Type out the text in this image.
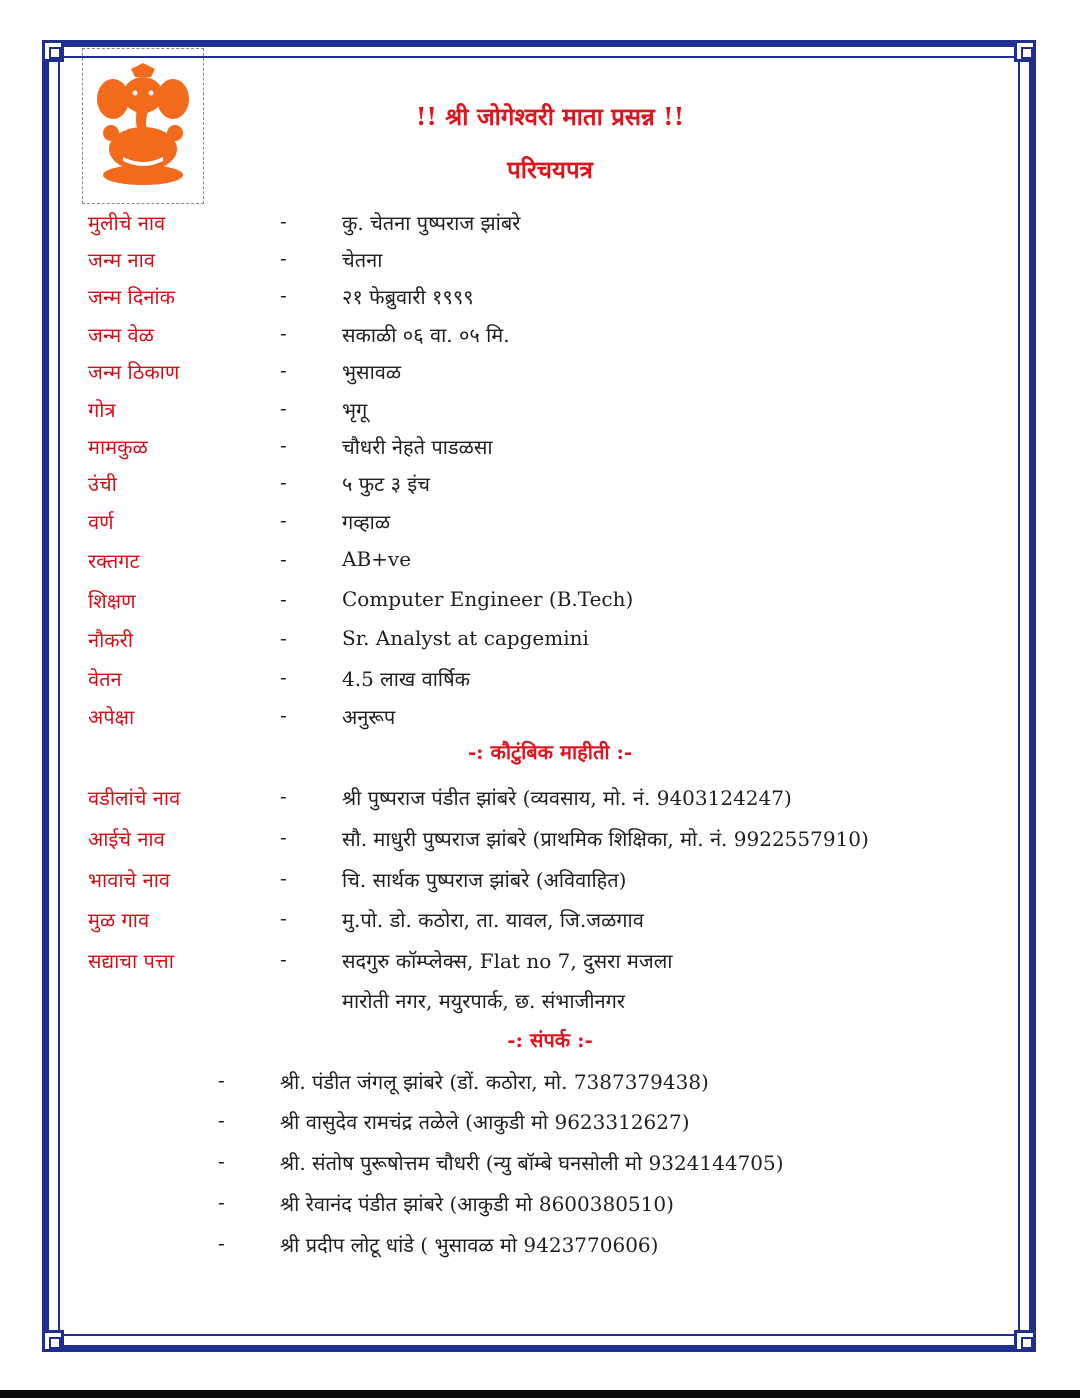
!! श्री जोगेश्वरी माता प्रसन्न !!
परिचयपत्र
मुलीचे नाव	-	कु. चेतना पुष्पराज झांबरे
जन्म नाव	-	चेतना
जन्म दिनांक	-	२१ फेब्रुवारी १९९९
जन्म वेळ	-	सकाळी ०६ वा. ०५ मि.
जन्म ठिकाण	-	भुसावळ
गोत्र	-	भृगू
मामकुळ	-	चौधरी नेहते पाडळसा
उंची	-	५ फुट ३ इंच
वर्ण	-	गव्हाळ
रक्तगट	-	AB+ve
शिक्षण	-	Computer Engineer (B.Tech)
नौकरी	-	Sr. Analyst at capgemini
वेतन	-	4.5 लाख वार्षिक
अपेक्षा	-	अनुरूप
-: कौटुंबिक माहीती :-
वडीलांचे नाव	-	श्री पुष्पराज पंडीत झांबरे (व्यवसाय, मो. नं. 9403124247)
आईचे नाव	-	सौ. माधुरी पुष्पराज झांबरे (प्राथमिक शिक्षिका, मो. नं. 9922557910)
भावाचे नाव	-	चि. सार्थक पुष्पराज झांबरे (अविवाहित)
मुळ गाव	-	मु.पो. डो. कठोरा, ता. यावल, जि.जळगाव
सद्याचा पत्ता	-	सदगुरु कॉम्प्लेक्स, Flat no 7, दुसरा मजला
मारोती नगर, मयुरपार्क, छ. संभाजीनगर
-: संपर्क :-
-	श्री. पंडीत जंगलू झांबरे (डों. कठोरा, मो. 7387379438)
-	श्री वासुदेव रामचंद्र तळेले (आकुडी मो 9623312627)
-	श्री. संतोष पुरूषोत्तम चौधरी (न्यु बॉम्बे घनसोली मो 9324144705)
-	श्री रेवानंद पंडीत झांबरे (आकुडी मो 8600380510)
-	श्री प्रदीप लोटू धांडे ( भुसावळ मो 9423770606)
